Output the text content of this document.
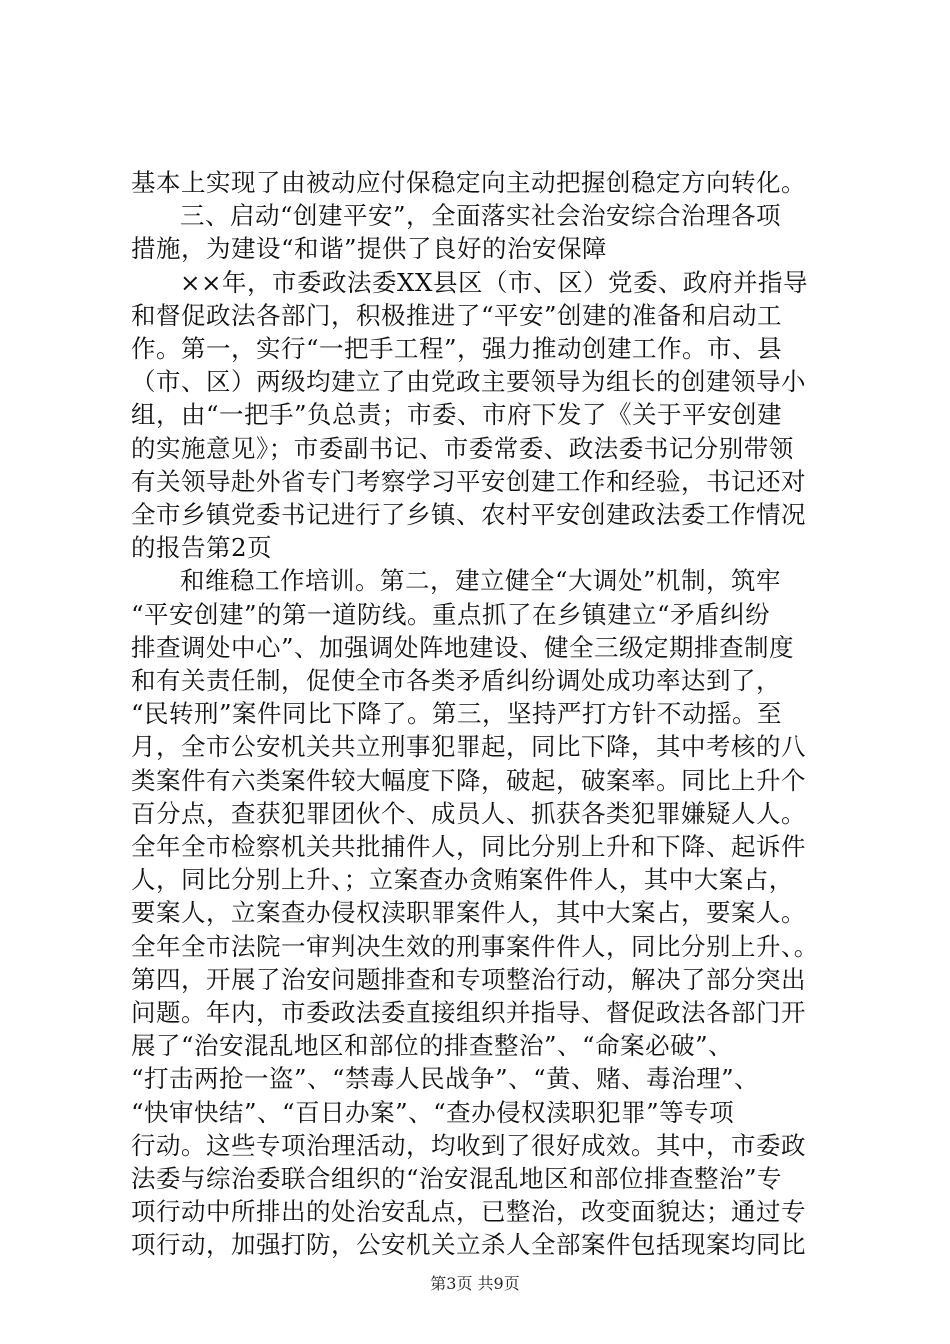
基本上实现了由被动应付保稳定向主动把握创稳定方向转化。
三、启动“创建平安”，全面落实社会治安综合治理各项
措施，为建设“和谐”提供了良好的治安保障
××年，市委政法委XX县区（市、区）党委、政府并指导
和督促政法各部门，积极推进了“平安”创建的准备和启动工
作。第一，实行“一把手工程”，强力推动创建工作。市、县
（市、区）两级均建立了由党政主要领导为组长的创建领导小
组，由“一把手”负总责；市委、市府下发了《关于平安创建
的实施意见》；市委副书记、市委常委、政法委书记分别带领
有关领导赴外省专门考察学习平安创建工作和经验，书记还对
全市乡镇党委书记进行了乡镇、农村平安创建政法委工作情况
的报告第2页
和维稳工作培训。第二，建立健全“大调处”机制，筑牢
“平安创建”的第一道防线。重点抓了在乡镇建立“矛盾纠纷
排查调处中心”、加强调处阵地建设、健全三级定期排查制度
和有关责任制，促使全市各类矛盾纠纷调处成功率达到了，
“民转刑”案件同比下降了。第三，坚持严打方针不动摇。至
月，全市公安机关共立刑事犯罪起，同比下降，其中考核的八
类案件有六类案件较大幅度下降，破起，破案率。同比上升个
百分点，查获犯罪团伙个、成员人、抓获各类犯罪嫌疑人人。
全年全市检察机关共批捕件人，同比分别上升和下降、起诉件
人，同比分别上升、；立案查办贪贿案件件人，其中大案占，
要案人，立案查办侵权渎职罪案件人，其中大案占，要案人。
全年全市法院一审判决生效的刑事案件件人，同比分别上升、。
第四，开展了治安问题排查和专项整治行动，解决了部分突出
问题。年内，市委政法委直接组织并指导、督促政法各部门开
展了“治安混乱地区和部位的排查整治”、“命案必破”、
“打击两抢一盗”、“禁毒人民战争”、“黄、赌、毒治理”、
“快审快结”、“百日办案”、“查办侵权渎职犯罪”等专项
行动。这些专项治理活动，均收到了很好成效。其中，市委政
法委与综治委联合组织的“治安混乱地区和部位排查整治”专
项行动中所排出的处治安乱点，已整治，改变面貌达；通过专
项行动，加强打防，公安机关立杀人全部案件包括现案均同比
第3页 共9页
